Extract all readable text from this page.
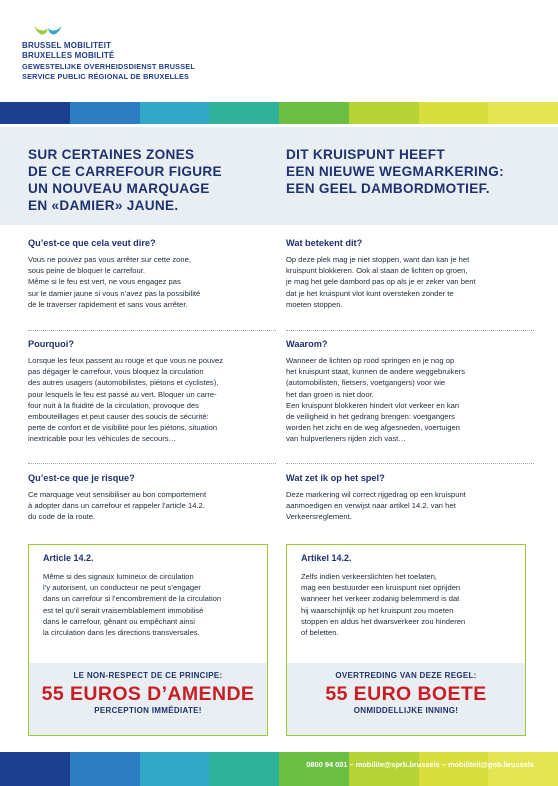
BRUSSEL MOBILITEIT
BRUXELLES MOBILITÉ
GEWESTELIJKE OVERHEIDSDIENST BRUSSEL
SERVICE PUBLIC RÉGIONAL DE BRUXELLES
SUR CERTAINES ZONES
DE CE CARREFOUR FIGURE
UN NOUVEAU MARQUAGE
EN «DAMIER» JAUNE.
DIT KRUISPUNT HEEFT
EEN NIEUWE WEGMARKERING:
EEN GEEL DAMBORDMOTIEF.
Qu’est-ce que cela veut dire?

Vous ne pouvez pas vous arrêter sur cette zone,
sous peine de bloquer le carrefour.
Même si le feu est vert, ne vous engagez pas
sur le damier jaune si vous n’avez pas la possibilité
de le traverser rapidement et sans vous arrêter.

Pourquoi?

Lorsque les feux passent au rouge et que vous ne pouvez
pas dégager le carrefour, vous bloquez la circulation
des autres usagers (automobilistes, piétons et cyclistes),
pour lesquels le feu est passé au vert. Bloquer un carre-
four nuit à la fluidité de la circulation, provoque des
embouteillages et peut causer des soucis de sécurité:
perte de confort et de visibilité pour les piétons, situation
inextricable pour les véhicules de secours…

Qu’est-ce que je risque?

Ce marquage veut sensibiliser au bon comportement
à adopter dans un carrefour et rappeler l’article 14.2.
du code de la route.

Wat betekent dit?

Op deze plek mag je niet stoppen, want dan kan je het
kruispunt blokkeren. Ook al staan de lichten op groen,
je mag het gele dambord pas op als je er zeker van bent
dat je het kruispunt vlot kunt oversteken zonder te
moeten stoppen.

Waarom?

Wanneer de lichten op rood springen en je nog op
het kruispunt staat, kunnen de andere weggebruikers
(automobilisten, fietsers, voetgangers) voor wie
het dan groen is niet door.
Een kruispunt blokkeren hindert vlot verkeer en kan
de veiligheid in het gedrang brengen: voetgangers
worden het zicht en de weg afgesneden, voertuigen
van hulpverleners rijden zich vast…

Wat zet ik op het spel?

Deze markering wil correct rijgedrag op een kruispunt
aanmoedigen en verwijst naar artikel 14.2. van het
Verkeersreglement.

Article 14.2.

Même si des signaux lumineux de circulation
l’y autorisent, un conducteur ne peut s’engager
dans un carrefour si l’encombrement de la circulation
est tel qu’il serait vraisemblablement immobilisé
dans le carrefour, gênant ou empêchant ainsi
la circulation dans les directions transversales.

LE NON-RESPECT DE CE PRINCIPE:
55 EUROS D’AMENDE
PERCEPTION IMMÉDIATE!
Artikel 14.2.

Zelfs indien verkeerslichten het toelaten,
mag een bestuurder een kruispunt niet oprijden
wanneer het verkeer zodanig belemmerd is dat
hij waarschijnlijk op het kruispunt zou moeten
stoppen en aldus het dwarsverkeer zou hinderen
of beletten.

OVERTREDING VAN DEZE REGEL:
55 EURO BOETE
ONMIDDELLIJKE INNING!
0800 94 001 – mobilite@sprb.brussels – mobiliteit@gob.brussels
